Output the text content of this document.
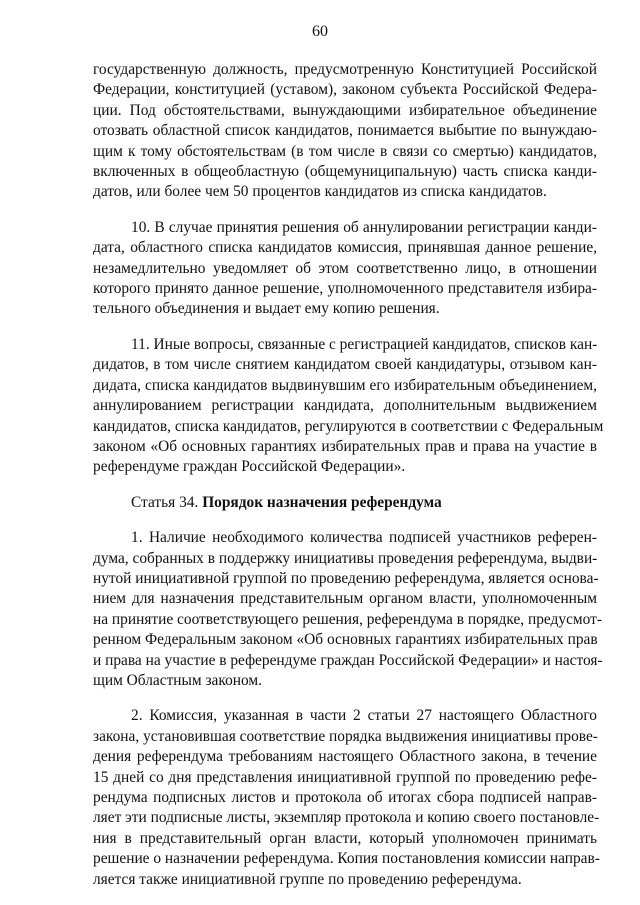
60
государственную должность, предусмотренную Конституцией Российской
Федерации, конституцией (уставом), законом субъекта Российской Федера-
ции. Под обстоятельствами, вынуждающими избирательное объединение
отозвать областной список кандидатов, понимается выбытие по вынуждаю-
щим к тому обстоятельствам (в том числе в связи со смертью) кандидатов,
включенных в общеобластную (общемуниципальную) часть списка канди-
датов, или более чем 50 процентов кандидатов из списка кандидатов.
10. В случае принятия решения об аннулировании регистрации канди-
дата, областного списка кандидатов комиссия, принявшая данное решение,
незамедлительно уведомляет об этом соответственно лицо, в отношении
которого принято данное решение, уполномоченного представителя избира-
тельного объединения и выдает ему копию решения.
11. Иные вопросы, связанные с регистрацией кандидатов, списков кан-
дидатов, в том числе снятием кандидатом своей кандидатуры, отзывом кан-
дидата, списка кандидатов выдвинувшим его избирательным объединением,
аннулированием регистрации кандидата, дополнительным выдвижением
кандидатов, списка кандидатов, регулируются в соответствии с Федеральным
законом «Об основных гарантиях избирательных прав и права на участие в
референдуме граждан Российской Федерации».
Статья 34. Порядок назначения референдума
1. Наличие необходимого количества подписей участников референ-
дума, собранных в поддержку инициативы проведения референдума, выдви-
нутой инициативной группой по проведению референдума, является основа-
нием для назначения представительным органом власти, уполномоченным
на принятие соответствующего решения, референдума в порядке, предусмот-
ренном Федеральным законом «Об основных гарантиях избирательных прав
и права на участие в референдуме граждан Российской Федерации» и настоя-
щим Областным законом.
2. Комиссия, указанная в части 2 статьи 27 настоящего Областного
закона, установившая соответствие порядка выдвижения инициативы прове-
дения референдума требованиям настоящего Областного закона, в течение
15 дней со дня представления инициативной группой по проведению рефе-
рендума подписных листов и протокола об итогах сбора подписей направ-
ляет эти подписные листы, экземпляр протокола и копию своего постановле-
ния в представительный орган власти, который уполномочен принимать
решение о назначении референдума. Копия постановления комиссии направ-
ляется также инициативной группе по проведению референдума.
